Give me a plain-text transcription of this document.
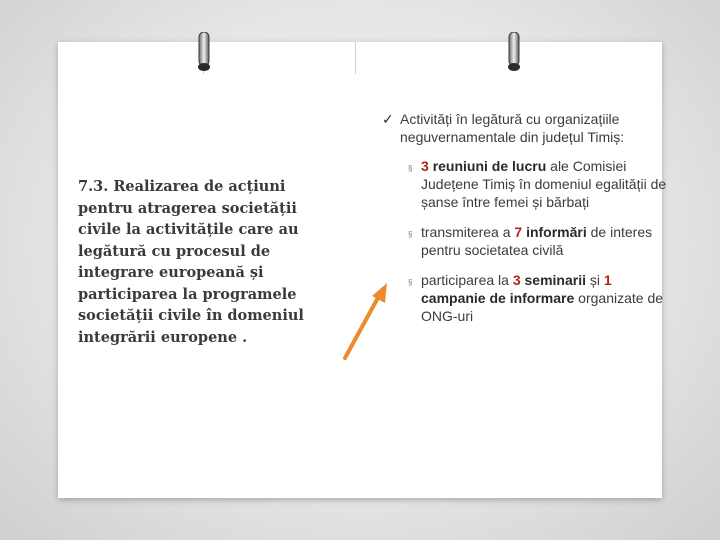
7.3. Realizarea de acțiuni pentru atragerea societății civile la activitățile care au legătură cu procesul de integrare europeană și participarea la programele societății civile în domeniul integrării europene .
✓ Activități în legătură cu organizațiile neguvernamentale din județul Timiș:
§ 3 reuniuni de lucru ale Comisiei Județene Timiș în domeniul egalității de șanse între femei și bărbați
§ transmiterea a 7 informări de interes pentru societatea civilă
§ participarea la 3 seminarii și 1 campanie de informare organizate de ONG-uri
